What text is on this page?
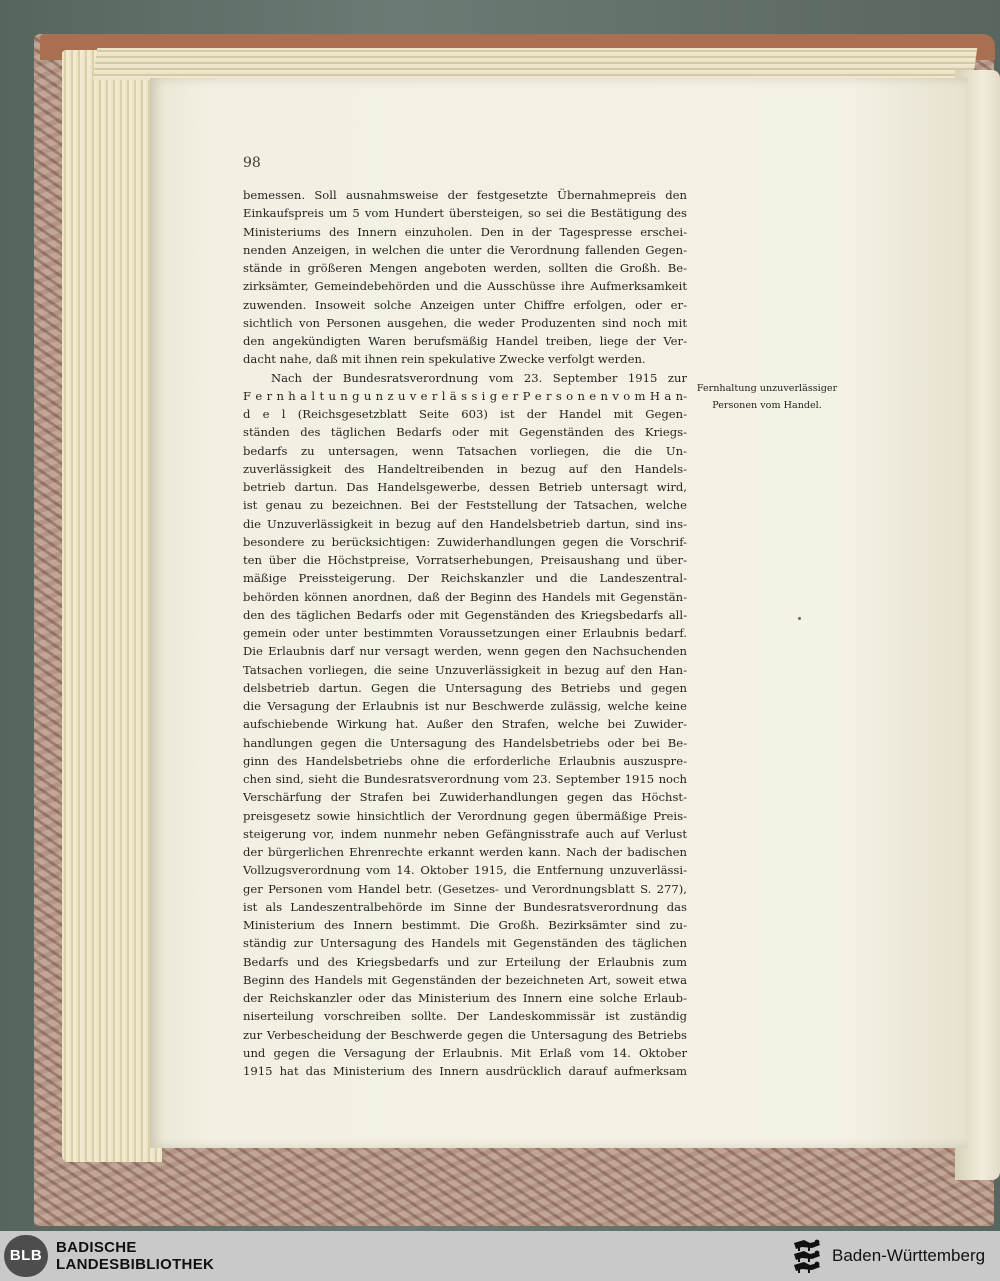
98
bemessen. Soll ausnahmsweise der festgesetzte Übernahmepreis den
Einkaufspreis um 5 vom Hundert übersteigen, so sei die Bestätigung des
Ministeriums des Innern einzuholen. Den in der Tagespresse erschei-
nenden Anzeigen, in welchen die unter die Verordnung fallenden Gegen-
stände in größeren Mengen angeboten werden, sollten die Großh. Be-
zirksämter, Gemeindebehörden und die Ausschüsse ihre Aufmerksamkeit
zuwenden. Insoweit solche Anzeigen unter Chiffre erfolgen, oder er-
sichtlich von Personen ausgehen, die weder Produzenten sind noch mit
den angekündigten Waren berufsmäßig Handel treiben, liege der Ver-
dacht nahe, daß mit ihnen rein spekulative Zwecke verfolgt werden.
Nach der Bundesratsverordnung vom 23. September 1915 zur
F e r n h a l t u n g u n z u v e r l ä s s i g e r P e r s o n e n v o m H a n-
d e l (Reichsgesetzblatt Seite 603) ist der Handel mit Gegen-
ständen des täglichen Bedarfs oder mit Gegenständen des Kriegs-
bedarfs zu untersagen, wenn Tatsachen vorliegen, die die Un-
zuverlässigkeit des Handeltreibenden in bezug auf den Handels-
betrieb dartun. Das Handelsgewerbe, dessen Betrieb untersagt wird,
ist genau zu bezeichnen. Bei der Feststellung der Tatsachen, welche
die Unzuverlässigkeit in bezug auf den Handelsbetrieb dartun, sind ins-
besondere zu berücksichtigen: Zuwiderhandlungen gegen die Vorschrif-
ten über die Höchstpreise, Vorratserhebungen, Preisaushang und über-
mäßige Preissteigerung. Der Reichskanzler und die Landeszentral-
behörden können anordnen, daß der Beginn des Handels mit Gegenstän-
den des täglichen Bedarfs oder mit Gegenständen des Kriegsbedarfs all-
gemein oder unter bestimmten Voraussetzungen einer Erlaubnis bedarf.
Die Erlaubnis darf nur versagt werden, wenn gegen den Nachsuchenden
Tatsachen vorliegen, die seine Unzuverlässigkeit in bezug auf den Han-
delsbetrieb dartun. Gegen die Untersagung des Betriebs und gegen
die Versagung der Erlaubnis ist nur Beschwerde zulässig, welche keine
aufschiebende Wirkung hat. Außer den Strafen, welche bei Zuwider-
handlungen gegen die Untersagung des Handelsbetriebs oder bei Be-
ginn des Handelsbetriebs ohne die erforderliche Erlaubnis auszusprе-
chen sind, sieht die Bundesratsverordnung vom 23. September 1915 noch
Verschärfung der Strafen bei Zuwiderhandlungen gegen das Höchst-
preisgesetz sowie hinsichtlich der Verordnung gegen übermäßige Preis-
steigerung vor, indem nunmehr neben Gefängnisstrafe auch auf Verlust
der bürgerlichen Ehrenrechte erkannt werden kann. Nach der badischen
Vollzugsverordnung vom 14. Oktober 1915, die Entfernung unzuverlässi-
ger Personen vom Handel betr. (Gesetzes- und Verordnungsblatt S. 277),
ist als Landeszentralbehörde im Sinne der Bundesratsverordnung das
Ministerium des Innern bestimmt. Die Großh. Bezirksämter sind zu-
ständig zur Untersagung des Handels mit Gegenständen des täglichen
Bedarfs und des Kriegsbedarfs und zur Erteilung der Erlaubnis zum
Beginn des Handels mit Gegenständen der bezeichneten Art, soweit etwa
der Reichskanzler oder das Ministerium des Innern eine solche Erlaub-
niserteilung vorschreiben sollte. Der Landeskommissär ist zuständig
zur Verbescheidung der Beschwerde gegen die Untersagung des Betriebs
und gegen die Versagung der Erlaubnis. Mit Erlaß vom 14. Oktober
1915 hat das Ministerium des Innern ausdrücklich darauf aufmerksam
Fernhaltung unzuverlässiger
Personen vom Handel.
BLB BADISCHE
LANDESBIBLIOTHEK	Baden-Württemberg
